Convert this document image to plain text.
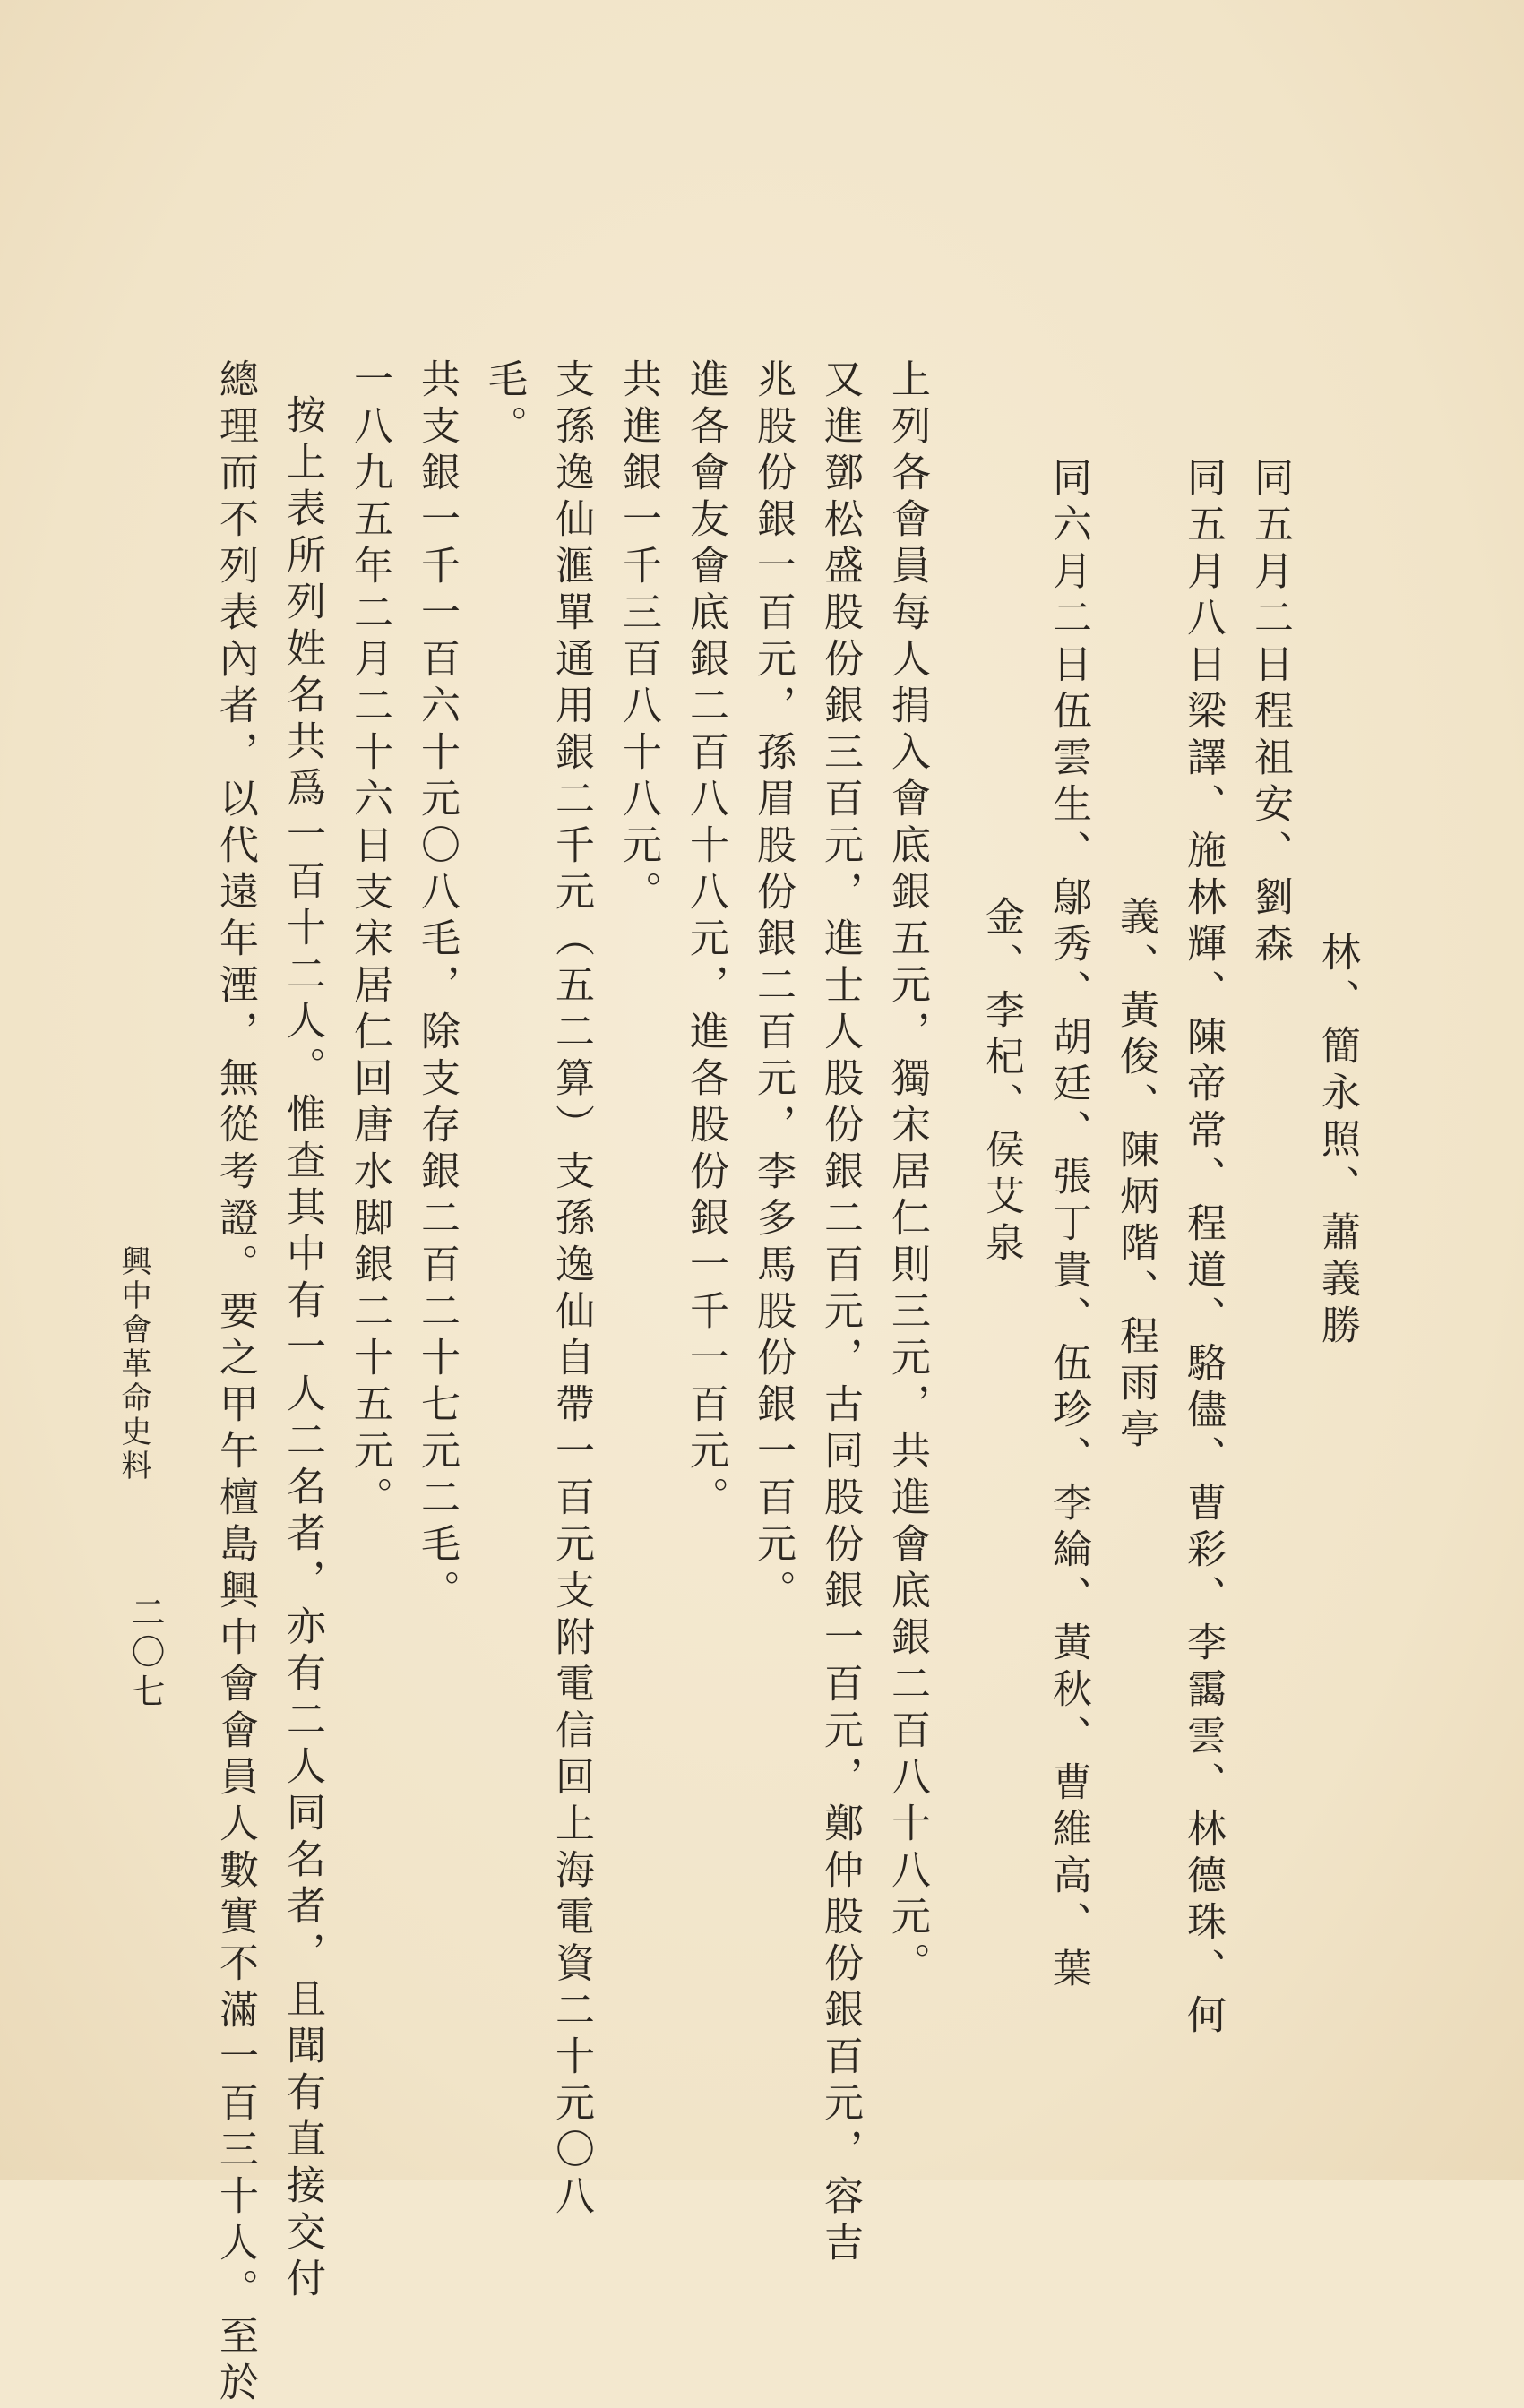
林、簡永照、蕭義勝
同五月二日程祖安、劉森
同五月八日梁譯、施林輝、陳帝常、程道、駱儘、曹彩、李靄雲、林德珠、何
義、黃俊、陳炳階、程雨亭
同六月二日伍雲生、鄔秀、胡廷、張丁貴、伍珍、李綸、黃秋、曹維高、葉
金、李杞、侯艾泉
上列各會員每人捐入會底銀五元，獨宋居仁則三元，共進會底銀二百八十八元。
又進鄧松盛股份銀三百元，進士人股份銀二百元，古同股份銀一百元，鄭仲股份銀百元，容吉
兆股份銀一百元，孫眉股份銀二百元，李多馬股份銀一百元。
進各會友會底銀二百八十八元，進各股份銀一千一百元。
共進銀一千三百八十八元。
支孫逸仙滙單通用銀二千元（五二算）支孫逸仙自帶一百元支附電信回上海電資二十元〇八
毛。
共支銀一千一百六十元〇八毛，除支存銀二百二十七元二毛。
一八九五年二月二十六日支宋居仁回唐水脚銀二十五元。
按上表所列姓名共爲一百十二人。惟查其中有一人二名者，亦有二人同名者，且聞有直接交付
總理而不列表內者，以代遠年湮，無從考證。要之甲午檀島興中會會員人數實不滿一百三十人。至於
興中會革命史料
二〇七
